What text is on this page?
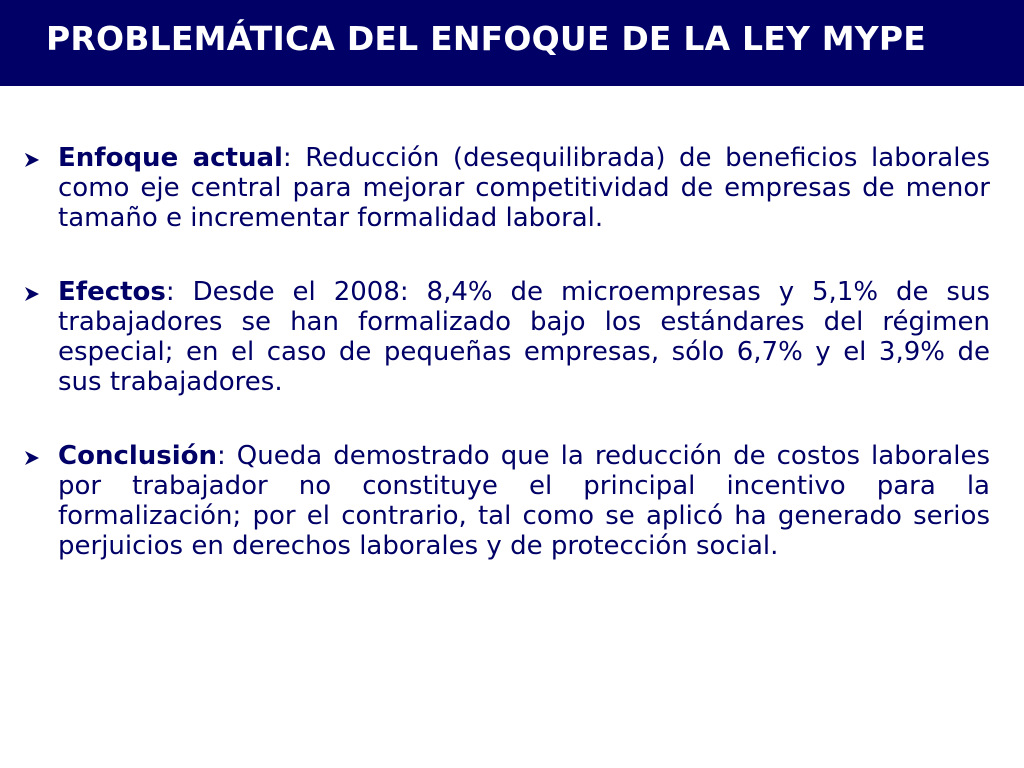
PROBLEMÁTICA DEL ENFOQUE DE LA LEY MYPE

Enfoque actual: Reducción (desequilibrada) de beneficios laborales como eje central para mejorar competitividad de empresas de menor tamaño e incrementar formalidad laboral.

Efectos: Desde el 2008: 8,4% de microempresas y 5,1% de sus trabajadores se han formalizado bajo los estándares del régimen especial; en el caso de pequeñas empresas, sólo 6,7% y el 3,9% de sus trabajadores.

Conclusión: Queda demostrado que la reducción de costos laborales por trabajador no constituye el principal incentivo para la formalización; por el contrario, tal como se aplicó ha generado serios perjuicios en derechos laborales y de protección social.
